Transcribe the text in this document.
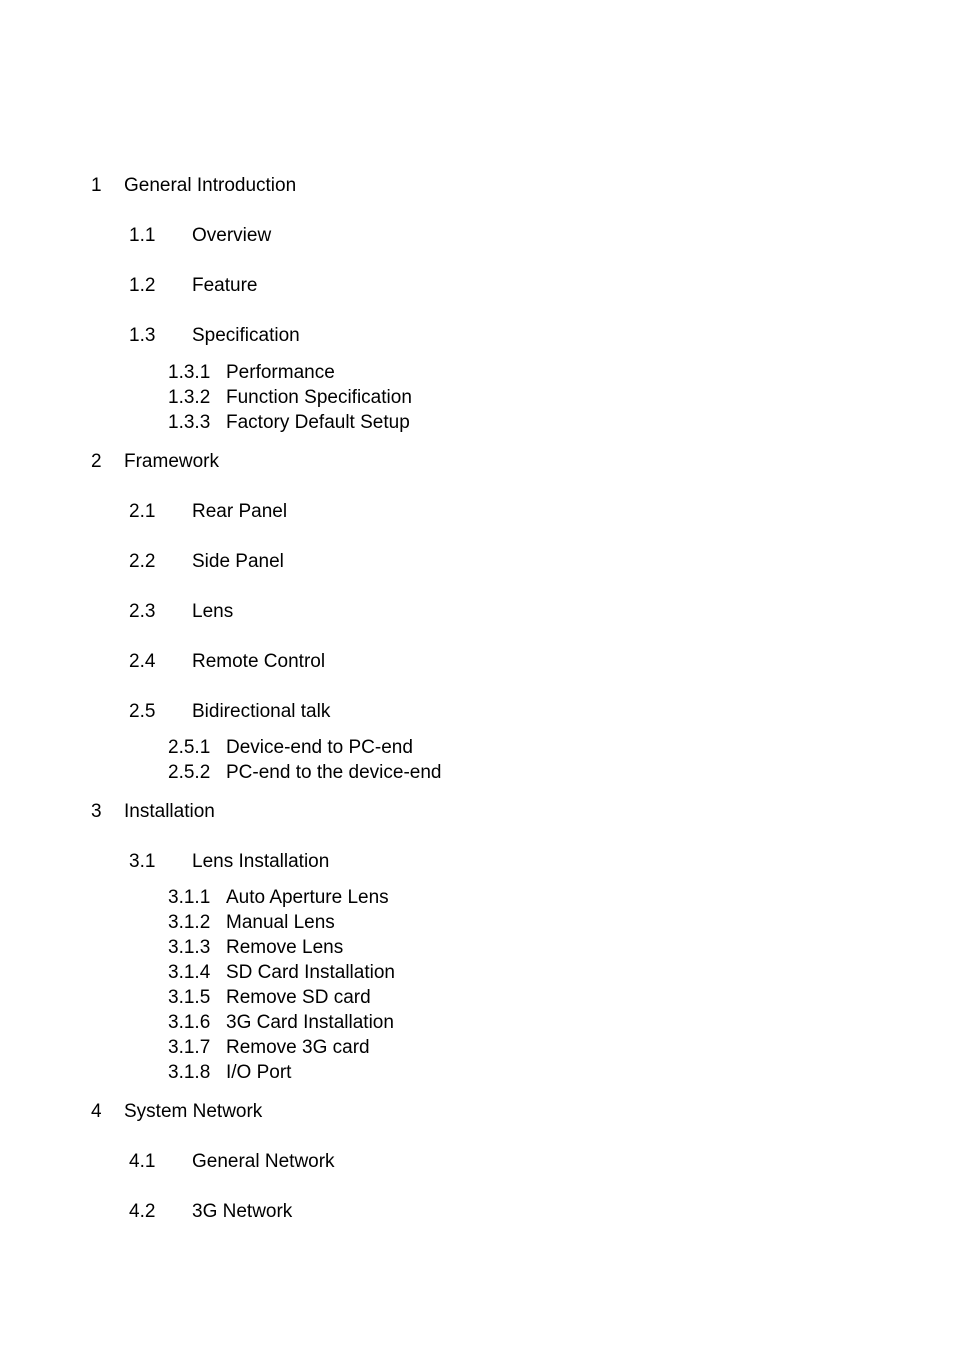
1 General Introduction
1.1 Overview
1.2 Feature
1.3 Specification
1.3.1 Performance
1.3.2 Function Specification
1.3.3 Factory Default Setup
2 Framework
2.1 Rear Panel
2.2 Side Panel
2.3 Lens
2.4 Remote Control
2.5 Bidirectional talk
2.5.1 Device-end to PC-end
2.5.2 PC-end to the device-end
3 Installation
3.1 Lens Installation
3.1.1 Auto Aperture Lens
3.1.2 Manual Lens
3.1.3 Remove Lens
3.1.4 SD Card Installation
3.1.5 Remove SD card
3.1.6 3G Card Installation
3.1.7 Remove 3G card
3.1.8 I/O Port
4 System Network
4.1 General Network
4.2 3G Network
